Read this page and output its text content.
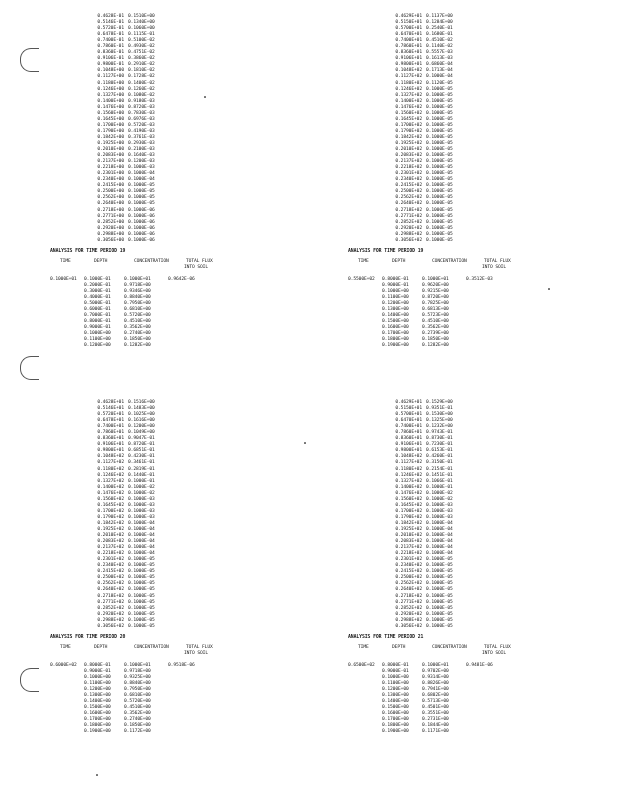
0.4628E-01 0.1510E+00
0.5146E-01 0.1340E+00
0.5720E-01 0.1060E+00
0.6478E-01 0.1115E-01
0.7400E-01 0.5100E-02
0.7860E-01 0.4930E-02
0.8360E-01 0.4751E-02
0.9106E-01 0.3860E-02
0.9800E-01 0.2910E-02
0.1048E+00 0.1810E-02
0.1127E+00 0.1728E-02
0.1180E+00 0.1400E-02
0.1246E+00 0.1260E-02
0.1327E+00 0.1080E-02
0.1400E+00 0.9180E-03
0.1476E+00 0.8720E-03
0.1560E+00 0.7830E-03
0.1645E+00 0.6976E-03
0.1700E+00 0.5720E-03
0.1790E+00 0.4190E-03
0.1842E+00 0.3761E-03
0.1925E+00 0.2930E-03
0.2010E+00 0.2100E-03
0.2083E+00 0.1640E-03
0.2137E+00 0.1200E-03
0.2218E+00 0.1000E-03
0.2301E+00 0.1000E-04
0.2340E+00 0.1000E-04
0.2415E+00 0.1000E-05
0.2500E+00 0.1000E-05
0.2562E+00 0.1000E-05
0.2640E+00 0.1000E-05
0.2718E+00 0.1000E-06
0.2771E+00 0.1000E-06
0.2852E+00 0.1000E-06
0.2920E+00 0.1000E-06
0.2988E+00 0.1000E-06
0.3056E+00 0.1000E-06
ANALYSIS FOR TIME PERIOD 19
TIME	DEPTH	CONCENTRATION	TOTAL FLUX
INTO SOIL
0.1000E+01 0.1000E-01	0.1000E+01	0.9642E-06
0.2000E-01	0.9718E+00
0.3000E-01	0.9346E+00
0.4000E-01	0.8840E+00
0.5000E-01	0.7950E+00
0.6000E-01	0.6810E+00
0.7000E-01	0.5720E+00
0.8000E-01	0.4510E+00
0.9000E-01	0.3562E+00
0.1000E+00	0.2740E+00
0.1100E+00	0.1850E+00
0.1200E+00	0.1282E+00
0.4629E+01 0.1137E+00
0.5150E+01 0.1284E+00
0.5700E+01 0.2540E-01
0.6470E+01 0.1680E-01
0.7400E+01 0.4510E-02
0.7860E+01 0.1140E-02
0.8360E+01 0.5557E-03
0.9106E+01 0.1613E-03
0.9800E+01 0.6860E-04
0.1048E+02 0.1713E-04
0.1127E+02 0.1000E-04
0.1180E+02 0.1120E-05
0.1246E+02 0.1000E-05
0.1327E+02 0.1000E-05
0.1400E+02 0.1000E-05
0.1476E+02 0.1000E-05
0.1560E+02 0.1000E-05
0.1645E+02 0.1000E-05
0.1700E+02 0.1000E-05
0.1790E+02 0.1000E-05
0.1842E+02 0.1000E-05
0.1925E+02 0.1000E-05
0.2010E+02 0.1000E-05
0.2083E+02 0.1000E-05
0.2137E+02 0.1000E-05
0.2218E+02 0.1000E-05
0.2301E+02 0.1000E-05
0.2340E+02 0.1000E-05
0.2415E+02 0.1000E-05
0.2500E+02 0.1000E-05
0.2562E+02 0.1000E-05
0.2640E+02 0.1000E-05
0.2718E+02 0.1000E-05
0.2771E+02 0.1000E-05
0.2852E+02 0.1000E-05
0.2920E+02 0.1000E-05
0.2988E+02 0.1000E-05
0.3056E+02 0.1000E-05
ANALYSIS FOR TIME PERIOD 19
TIME	DEPTH	CONCENTRATION	TOTAL FLUX
INTO SOIL
0.5500E+02 0.8000E-01	0.1000E+01	0.3512E-03
0.9000E-01	0.9620E+00
0.1000E+00	0.9215E+00
0.1100E+00	0.8720E+00
0.1200E+00	0.7825E+00
0.1300E+00	0.6813E+00
0.1400E+00	0.5723E+00
0.1500E+00	0.4510E+00
0.1600E+00	0.3562E+00
0.1700E+00	0.2739E+00
0.1800E+00	0.1850E+00
0.1900E+00	0.1282E+00
0.4628E+01 0.1516E+00
0.5146E+01 0.1483E+00
0.5720E+01 0.1025E+00
0.6478E+01 0.1616E+00
0.7400E+01 0.1200E+00
0.7860E+01 0.1049E+00
0.8360E+01 0.9047E-01
0.9106E+01 0.8720E-01
0.9800E+01 0.6851E-01
0.1048E+02 0.4230E-01
0.1127E+02 0.3461E-01
0.1180E+02 0.2819E-01
0.1246E+02 0.1440E-01
0.1327E+02 0.1000E-01
0.1400E+02 0.1000E-02
0.1476E+02 0.1000E-02
0.1560E+02 0.1000E-03
0.1645E+02 0.1000E-03
0.1700E+02 0.1000E-03
0.1790E+02 0.1000E-03
0.1842E+02 0.1000E-04
0.1925E+02 0.1000E-04
0.2010E+02 0.1000E-04
0.2083E+02 0.1000E-04
0.2137E+02 0.1000E-04
0.2218E+02 0.1000E-04
0.2301E+02 0.1000E-05
0.2340E+02 0.1000E-05
0.2415E+02 0.1000E-05
0.2500E+02 0.1000E-05
0.2562E+02 0.1000E-05
0.2640E+02 0.1000E-05
0.2718E+02 0.1000E-05
0.2771E+02 0.1000E-05
0.2852E+02 0.1000E-05
0.2920E+02 0.1000E-05
0.2988E+02 0.1000E-05
0.3056E+02 0.1000E-05
ANALYSIS FOR TIME PERIOD 20
TIME	DEPTH	CONCENTRATION	TOTAL FLUX
INTO SOIL
0.6000E+02 0.8000E-01	0.1000E+01	0.9518E-06
0.9000E-01	0.9718E+00
0.1000E+00	0.9325E+00
0.1100E+00	0.8840E+00
0.1200E+00	0.7950E+00
0.1300E+00	0.6810E+00
0.1400E+00	0.5720E+00
0.1500E+00	0.4510E+00
0.1600E+00	0.3562E+00
0.1700E+00	0.2740E+00
0.1800E+00	0.1850E+00
0.1900E+00	0.1172E+00
0.4629E+01 0.1529E+00
0.5150E+01 0.9351E-01
0.5700E+01 0.1530E+00
0.6470E+01 0.1325E+00
0.7400E+01 0.1232E+00
0.7860E+01 0.9743E-01
0.8360E+01 0.8730E-01
0.9106E+01 0.7230E-01
0.9800E+01 0.6153E-01
0.1048E+02 0.4260E-01
0.1127E+02 0.3150E-01
0.1180E+02 0.2154E-01
0.1246E+02 0.1451E-01
0.1327E+02 0.1066E-01
0.1400E+02 0.1000E-01
0.1476E+02 0.1000E-02
0.1560E+02 0.1000E-02
0.1645E+02 0.1000E-03
0.1700E+02 0.1000E-03
0.1790E+02 0.1000E-03
0.1842E+02 0.1000E-04
0.1925E+02 0.1000E-04
0.2010E+02 0.1000E-04
0.2083E+02 0.1000E-04
0.2137E+02 0.1000E-04
0.2218E+02 0.1000E-04
0.2301E+02 0.1000E-05
0.2340E+02 0.1000E-05
0.2415E+02 0.1000E-05
0.2500E+02 0.1000E-05
0.2562E+02 0.1000E-05
0.2640E+02 0.1000E-05
0.2718E+02 0.1000E-05
0.2771E+02 0.1000E-05
0.2852E+02 0.1000E-05
0.2920E+02 0.1000E-05
0.2988E+02 0.1000E-05
0.3056E+02 0.1000E-05
ANALYSIS FOR TIME PERIOD 21
TIME	DEPTH	CONCENTRATION	TOTAL FLUX
INTO SOIL
0.6500E+02 0.8000E-01	0.1000E+01	0.9481E-06
0.9000E-01	0.9702E+00
0.1000E+00	0.9314E+00
0.1100E+00	0.8826E+00
0.1200E+00	0.7941E+00
0.1300E+00	0.6802E+00
0.1400E+00	0.5713E+00
0.1500E+00	0.4501E+00
0.1600E+00	0.3551E+00
0.1700E+00	0.2731E+00
0.1800E+00	0.1844E+00
0.1900E+00	0.1171E+00
